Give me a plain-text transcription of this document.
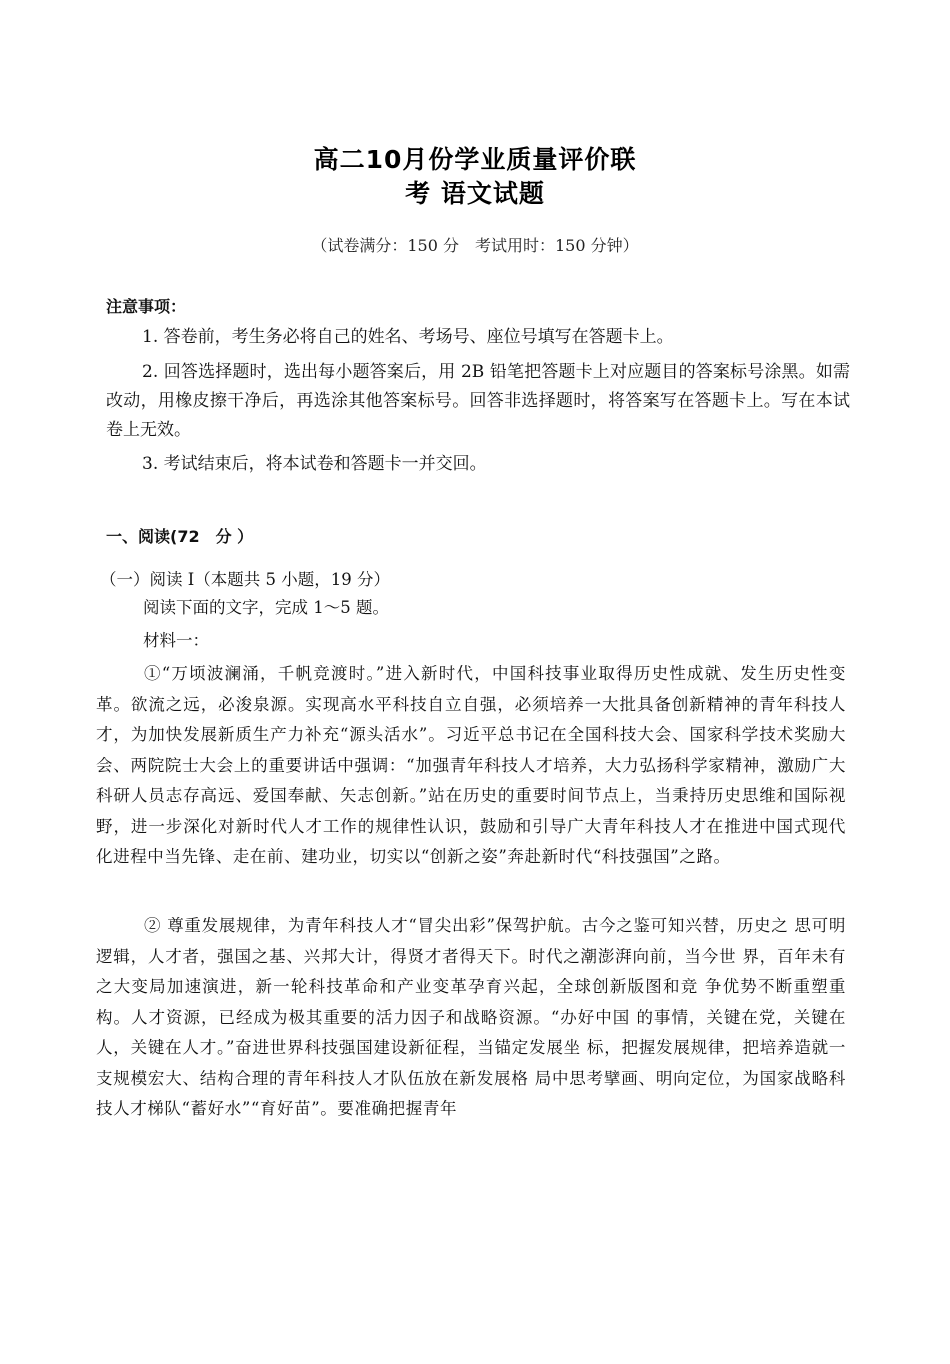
高二10月份学业质量评价联
考 语文试题
（试卷满分：150 分　考试用时：150 分钟）
注意事项：
1. 答卷前，考生务必将自己的姓名、考场号、座位号填写在答题卡上。
2. 回答选择题时，选出每小题答案后，用 2B 铅笔把答题卡上对应题目的答案标号涂黑。如需改动，用橡皮擦干净后，再选涂其他答案标号。回答非选择题时，将答案写在答题卡上。写在本试卷上无效。
3. 考试结束后，将本试卷和答题卡一并交回。
一、阅读(72　分 ）
（一）阅读 I（本题共 5 小题，19 分）
阅读下面的文字，完成 1～5 题。
材料一：
①“万顷波澜涌，千帆竞渡时。”进入新时代，中国科技事业取得历史性成就、发生历史性变革。欲流之远，必浚泉源。实现高水平科技自立自强，必须培养一大批具备创新精神的青年科技人才，为加快发展新质生产力补充“源头活水”。习近平总书记在全国科技大会、国家科学技术奖励大会、两院院士大会上的重要讲话中强调：“加强青年科技人才培养，大力弘扬科学家精神，激励广大科研人员志存高远、爱国奉献、矢志创新。”站在历史的重要时间节点上，当秉持历史思维和国际视野，进一步深化对新时代人才工作的规律性认识，鼓励和引导广大青年科技人才在推进中国式现代化进程中当先锋、走在前、建功业，切实以“创新之姿”奔赴新时代“科技强国”之路。
② 尊重发展规律，为青年科技人才“冒尖出彩”保驾护航。古今之鉴可知兴替，历史之 思可明逻辑，人才者，强国之基、兴邦大计，得贤才者得天下。时代之潮澎湃向前，当今世 界，百年未有之大变局加速演进，新一轮科技革命和产业变革孕育兴起，全球创新版图和竞 争优势不断重塑重构。人才资源，已经成为极其重要的活力因子和战略资源。“办好中国 的事情，关键在党，关键在人，关键在人才。”奋进世界科技强国建设新征程，当锚定发展坐 标，把握发展规律，把培养造就一支规模宏大、结构合理的青年科技人才队伍放在新发展格 局中思考擘画、明向定位，为国家战略科技人才梯队“蓄好水”“育好苗”。要准确把握青年
